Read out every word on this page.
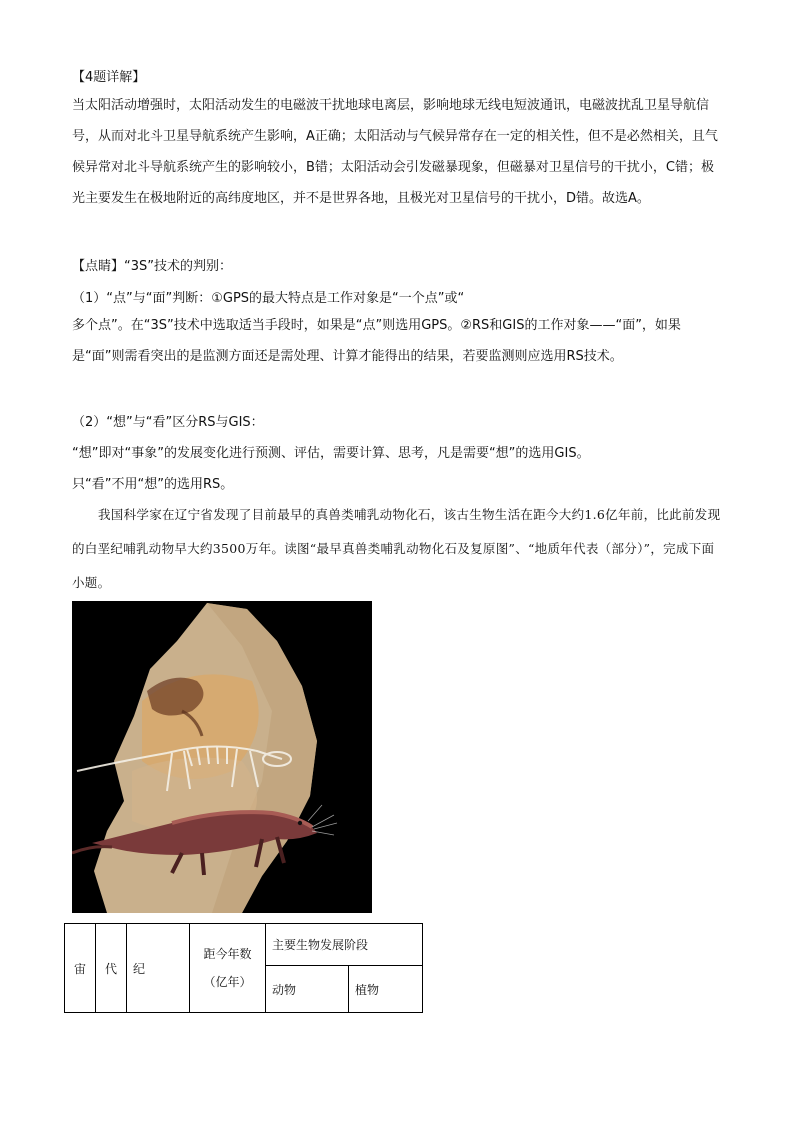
【4题详解】

当太阳活动增强时，太阳活动发生的电磁波干扰地球电离层，影响地球无线电短波通讯，电磁波扰乱卫星导航信号，从而对北斗卫星导航系统产生影响，A正确；太阳活动与气候异常存在一定的相关性，但不是必然相关，且气候异常对北斗导航系统产生的影响较小，B错；太阳活动会引发磁暴现象，但磁暴对卫星信号的干扰小，C错；极光主要发生在极地附近的高纬度地区，并不是世界各地，且极光对卫星信号的干扰小，D错。故选A。

【点睛】“3S”技术的判别：
（1）“点”与“面”判断：①GPS的最大特点是工作对象是“一个点”或“

多个点”。在“3S”技术中选取适当手段时，如果是“点”则选用GPS。②RS和GIS的工作对象——“面”，如果是“面”则需看突出的是监测方面还是需处理、计算才能得出的结果，若要监测则应选用RS技术。

（2）“想”与“看”区分RS与GIS：
“想”即对“事象”的发展变化进行预测、评估，需要计算、思考，凡是需要“想”的选用GIS。
只“看”不用“想”的选用RS。

我国科学家在辽宁省发现了目前最早的真兽类哺乳动物化石，该古生物生活在距今大约1.6亿年前，比此前发现的白垩纪哺乳动物早大约3500万年。读图“最早真兽类哺乳动物化石及复原图”、“地质年代表（部分）”，完成下面小题。

宙	代	纪	距今年数（亿年）	主要生物发展阶段	
				动物	植物
